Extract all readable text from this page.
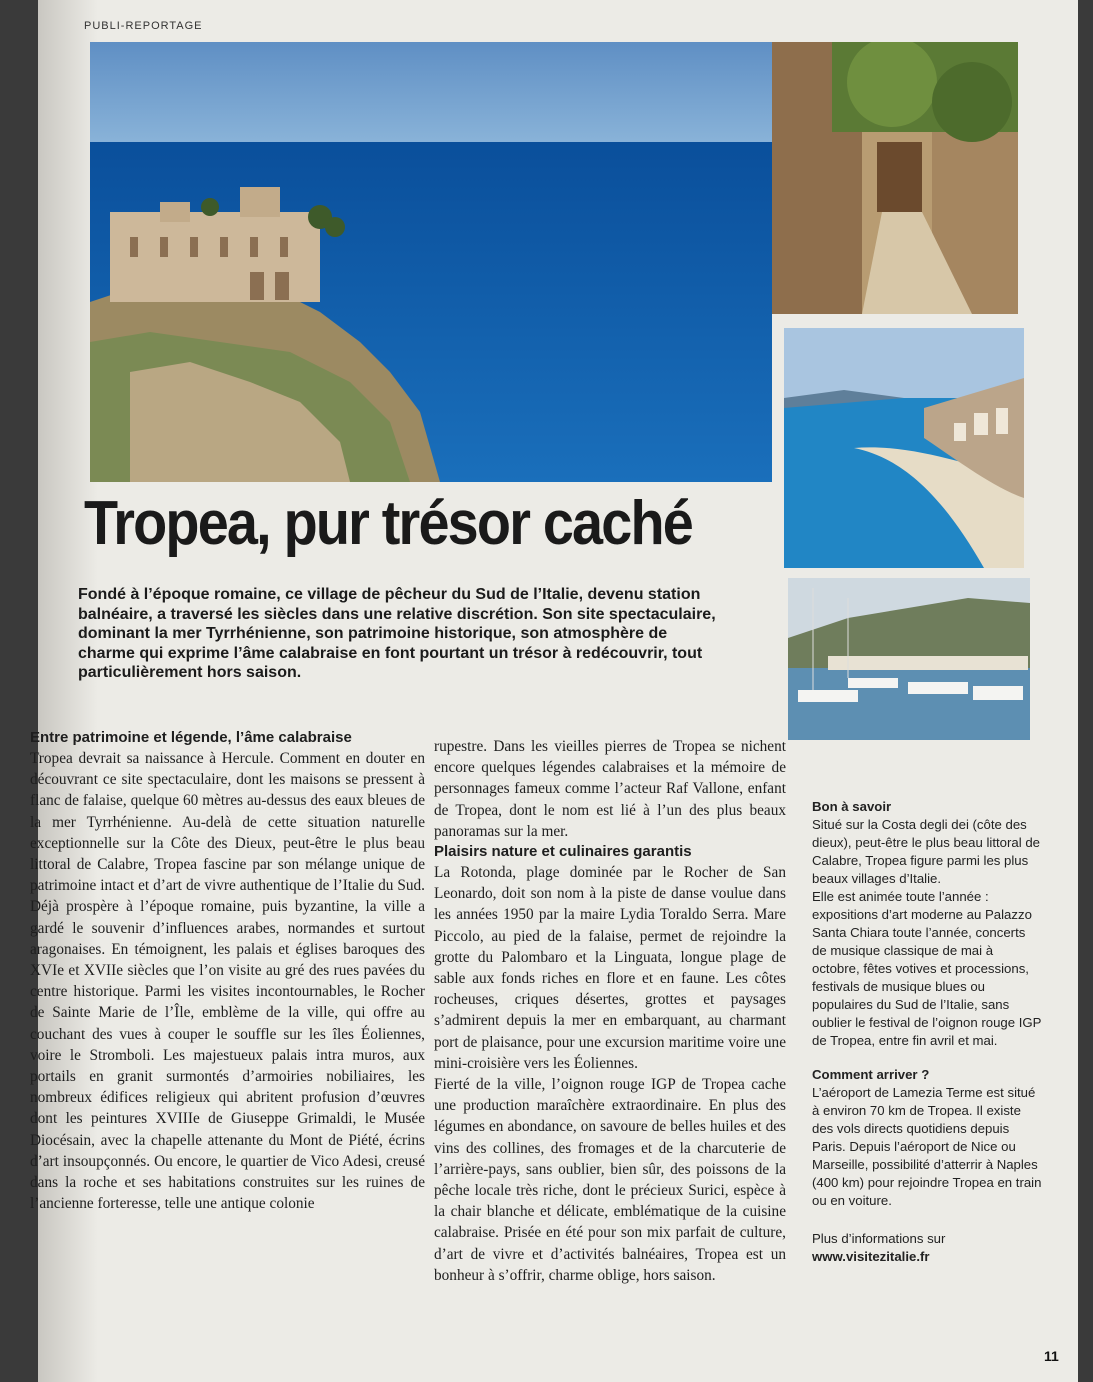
PUBLI-REPORTAGE
Tropea, pur trésor caché
Fondé à l’époque romaine, ce village de pêcheur du Sud de l’Italie, devenu station balnéaire, a traversé les siècles dans une relative discrétion. Son site spectaculaire, dominant la mer Tyrrhénienne, son patrimoine historique, son atmosphère de charme qui exprime l’âme calabraise en font pourtant un trésor à redécouvrir, tout particulièrement hors saison.
Entre patrimoine et légende, l’âme calabraise

Tropea devrait sa naissance à Hercule. Comment en douter en découvrant ce site spectaculaire, dont les maisons se pressent à flanc de falaise, quelque 60 mètres au-dessus des eaux bleues de la mer Tyrrhénienne. Au-delà de cette situation naturelle exceptionnelle sur la Côte des Dieux, peut-être le plus beau littoral de Calabre, Tropea fascine par son mélange unique de patrimoine intact et d’art de vivre authentique de l’Italie du Sud. Déjà prospère à l’époque romaine, puis byzantine, la ville a gardé le souvenir d’influences arabes, normandes et surtout aragonaises. En témoignent, les palais et églises baroques des XVIe et XVIIe siècles que l’on visite au gré des rues pavées du centre historique. Parmi les visites incontournables, le Rocher de Sainte Marie de l’Île, emblème de la ville, qui offre au couchant des vues à couper le souffle sur les îles Éoliennes, voire le Stromboli. Les majestueux palais intra muros, aux portails en granit surmontés d’armoiries nobiliaires, les nombreux édifices religieux qui abritent profusion d’œuvres dont les peintures XVIIIe de Giuseppe Grimaldi, le Musée Diocésain, avec la chapelle attenante du Mont de Piété, écrins d’art insoupçonnés. Ou encore, le quartier de Vico Adesi, creusé dans la roche et ses habitations construites sur les ruines de l’ancienne forteresse, telle une antique colonie

rupestre. Dans les vieilles pierres de Tropea se nichent encore quelques légendes calabraises et la mémoire de personnages fameux comme l’acteur Raf Vallone, enfant de Tropea, dont le nom est lié à l’un des plus beaux panoramas sur la mer.

Plaisirs nature et culinaires garantis

La Rotonda, plage dominée par le Rocher de San Leonardo, doit son nom à la piste de danse voulue dans les années 1950 par la maire Lydia Toraldo Serra. Mare Piccolo, au pied de la falaise, permet de rejoindre la grotte du Palombaro et la Linguata, longue plage de sable aux fonds riches en flore et en faune. Les côtes rocheuses, criques désertes, grottes et paysages s’admirent depuis la mer en embarquant, au charmant port de plaisance, pour une excursion maritime voire une mini-croisière vers les Éoliennes.

Fierté de la ville, l’oignon rouge IGP de Tropea cache une production maraîchère extraordinaire. En plus des légumes en abondance, on savoure de belles huiles et des vins des collines, des fromages et de la charcuterie de l’arrière-pays, sans oublier, bien sûr, des poissons de la pêche locale très riche, dont le précieux Surici, espèce à la chair blanche et délicate, emblématique de la cuisine calabraise. Prisée en été pour son mix parfait de culture, d’art de vivre et d’activités balnéaires, Tropea est un bonheur à s’offrir, charme oblige, hors saison.

Bon à savoir

Situé sur la Costa degli dei (côte des dieux), peut-être le plus beau littoral de Calabre, Tropea figure parmi les plus beaux villages d’Italie.

Elle est animée toute l’année : expositions d’art moderne au Palazzo Santa Chiara toute l’année, concerts de musique classique de mai à octobre, fêtes votives et processions, festivals de musique blues ou populaires du Sud de l’Italie, sans oublier le festival de l’oignon rouge IGP de Tropea, entre fin avril et mai.

Comment arriver ?

L’aéroport de Lamezia Terme est situé à environ 70 km de Tropea. Il existe des vols directs quotidiens depuis Paris. Depuis l’aéroport de Nice ou Marseille, possibilité d’atterrir à Naples (400 km) pour rejoindre Tropea en train ou en voiture.

Plus d’informations sur

www.visitezitalie.fr

11
